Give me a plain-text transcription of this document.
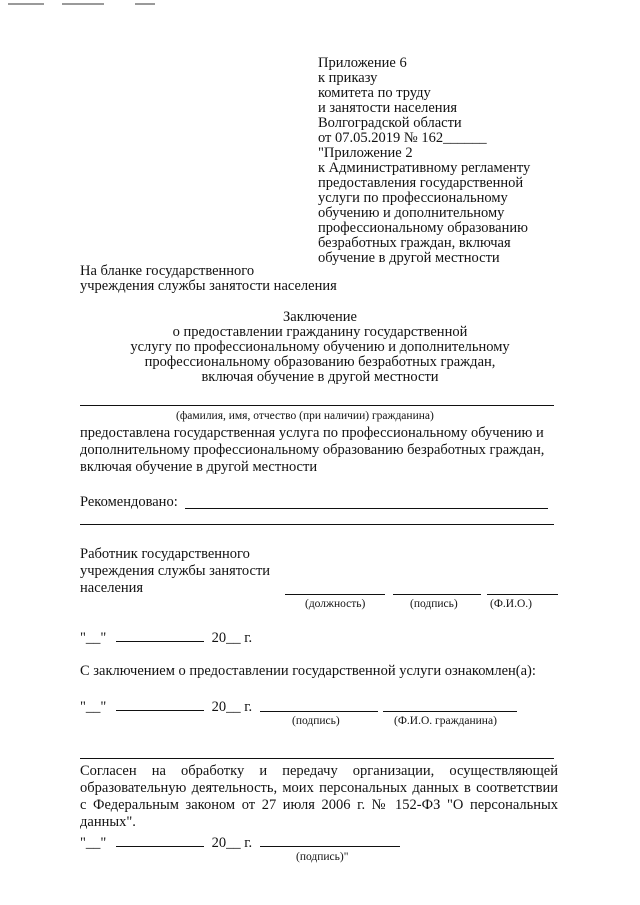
Приложение 6
к приказу
комитета по труду
и занятости населения
Волгоградской области
от 07.05.2019 № 162______
"Приложение 2
к Административному регламенту
предоставления государственной
услуги по профессиональному
обучению и дополнительному
профессиональному образованию
безработных граждан, включая
обучение в другой местности
На бланке государственного
учреждения службы занятости населения
Заключение
о предоставлении гражданину государственной
услугу по профессиональному обучению и дополнительному
профессиональному образованию безработных граждан,
включая обучение в другой местности
(фамилия, имя, отчество (при наличии) гражданина)
предоставлена государственная услуга по профессиональному обучению и
дополнительному профессиональному образованию безработных граждан,
включая обучение в другой местности
Рекомендовано:
Работник государственного
учреждения службы занятости
населения
(должность)	(подпись)	(Ф.И.О.)
"__"	20__ г.
С заключением о предоставлении государственной услуги ознакомлен(а):
"__"	20__ г.
(подпись)	(Ф.И.О. гражданина)
Согласен на обработку и передачу организации, осуществляющей образовательную деятельность, моих персональных данных в соответствии с Федеральным законом от 27 июля 2006 г. № 152-ФЗ "О персональных данных".
"__"	20__ г.
(подпись)"
